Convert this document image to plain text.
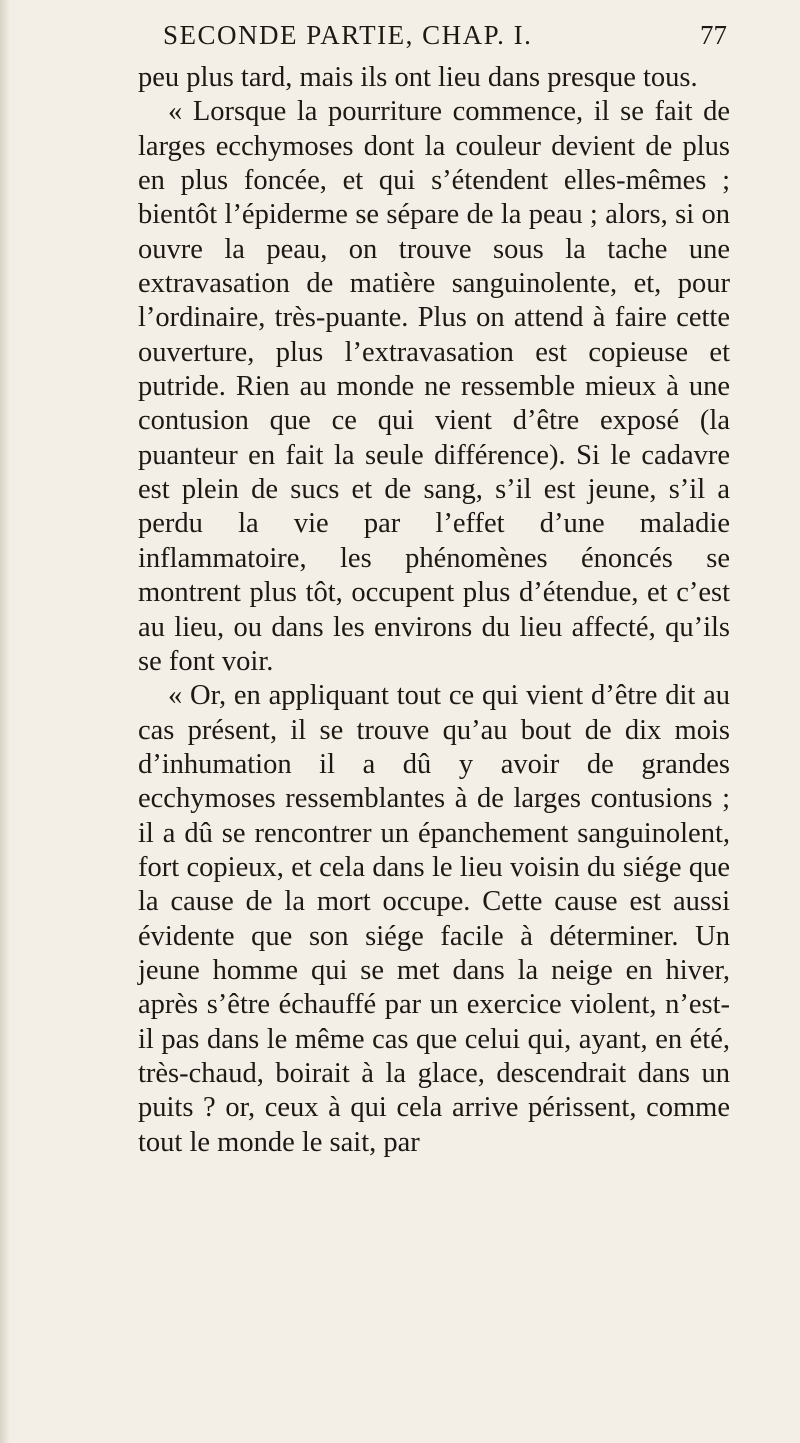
SECONDE PARTIE, CHAP. I.	77

peu plus tard, mais ils ont lieu dans presque tous.

« Lorsque la pourriture commence, il se fait de larges ecchymoses dont la couleur devient de plus en plus foncée, et qui s’étendent elles-mêmes ; bientôt l’épiderme se sépare de la peau ; alors, si on ouvre la peau, on trouve sous la tache une extravasation de matière sanguinolente, et, pour l’ordinaire, très-puante. Plus on attend à faire cette ouverture, plus l’extravasation est copieuse et putride. Rien au monde ne ressemble mieux à une contusion que ce qui vient d’être exposé (la puanteur en fait la seule différence). Si le cadavre est plein de sucs et de sang, s’il est jeune, s’il a perdu la vie par l’effet d’une maladie inflammatoire, les phénomènes énoncés se montrent plus tôt, occupent plus d’étendue, et c’est au lieu, ou dans les environs du lieu affecté, qu’ils se font voir.

« Or, en appliquant tout ce qui vient d’être dit au cas présent, il se trouve qu’au bout de dix mois d’inhumation il a dû y avoir de grandes ecchymoses ressemblantes à de larges contusions ; il a dû se rencontrer un épanchement sanguinolent, fort copieux, et cela dans le lieu voisin du siége que la cause de la mort occupe. Cette cause est aussi évidente que son siége facile à déterminer. Un jeune homme qui se met dans la neige en hiver, après s’être échauffé par un exercice violent, n’est-il pas dans le même cas que celui qui, ayant, en été, très-chaud, boirait à la glace, descendrait dans un puits ? or, ceux à qui cela arrive périssent, comme tout le monde le sait, par
